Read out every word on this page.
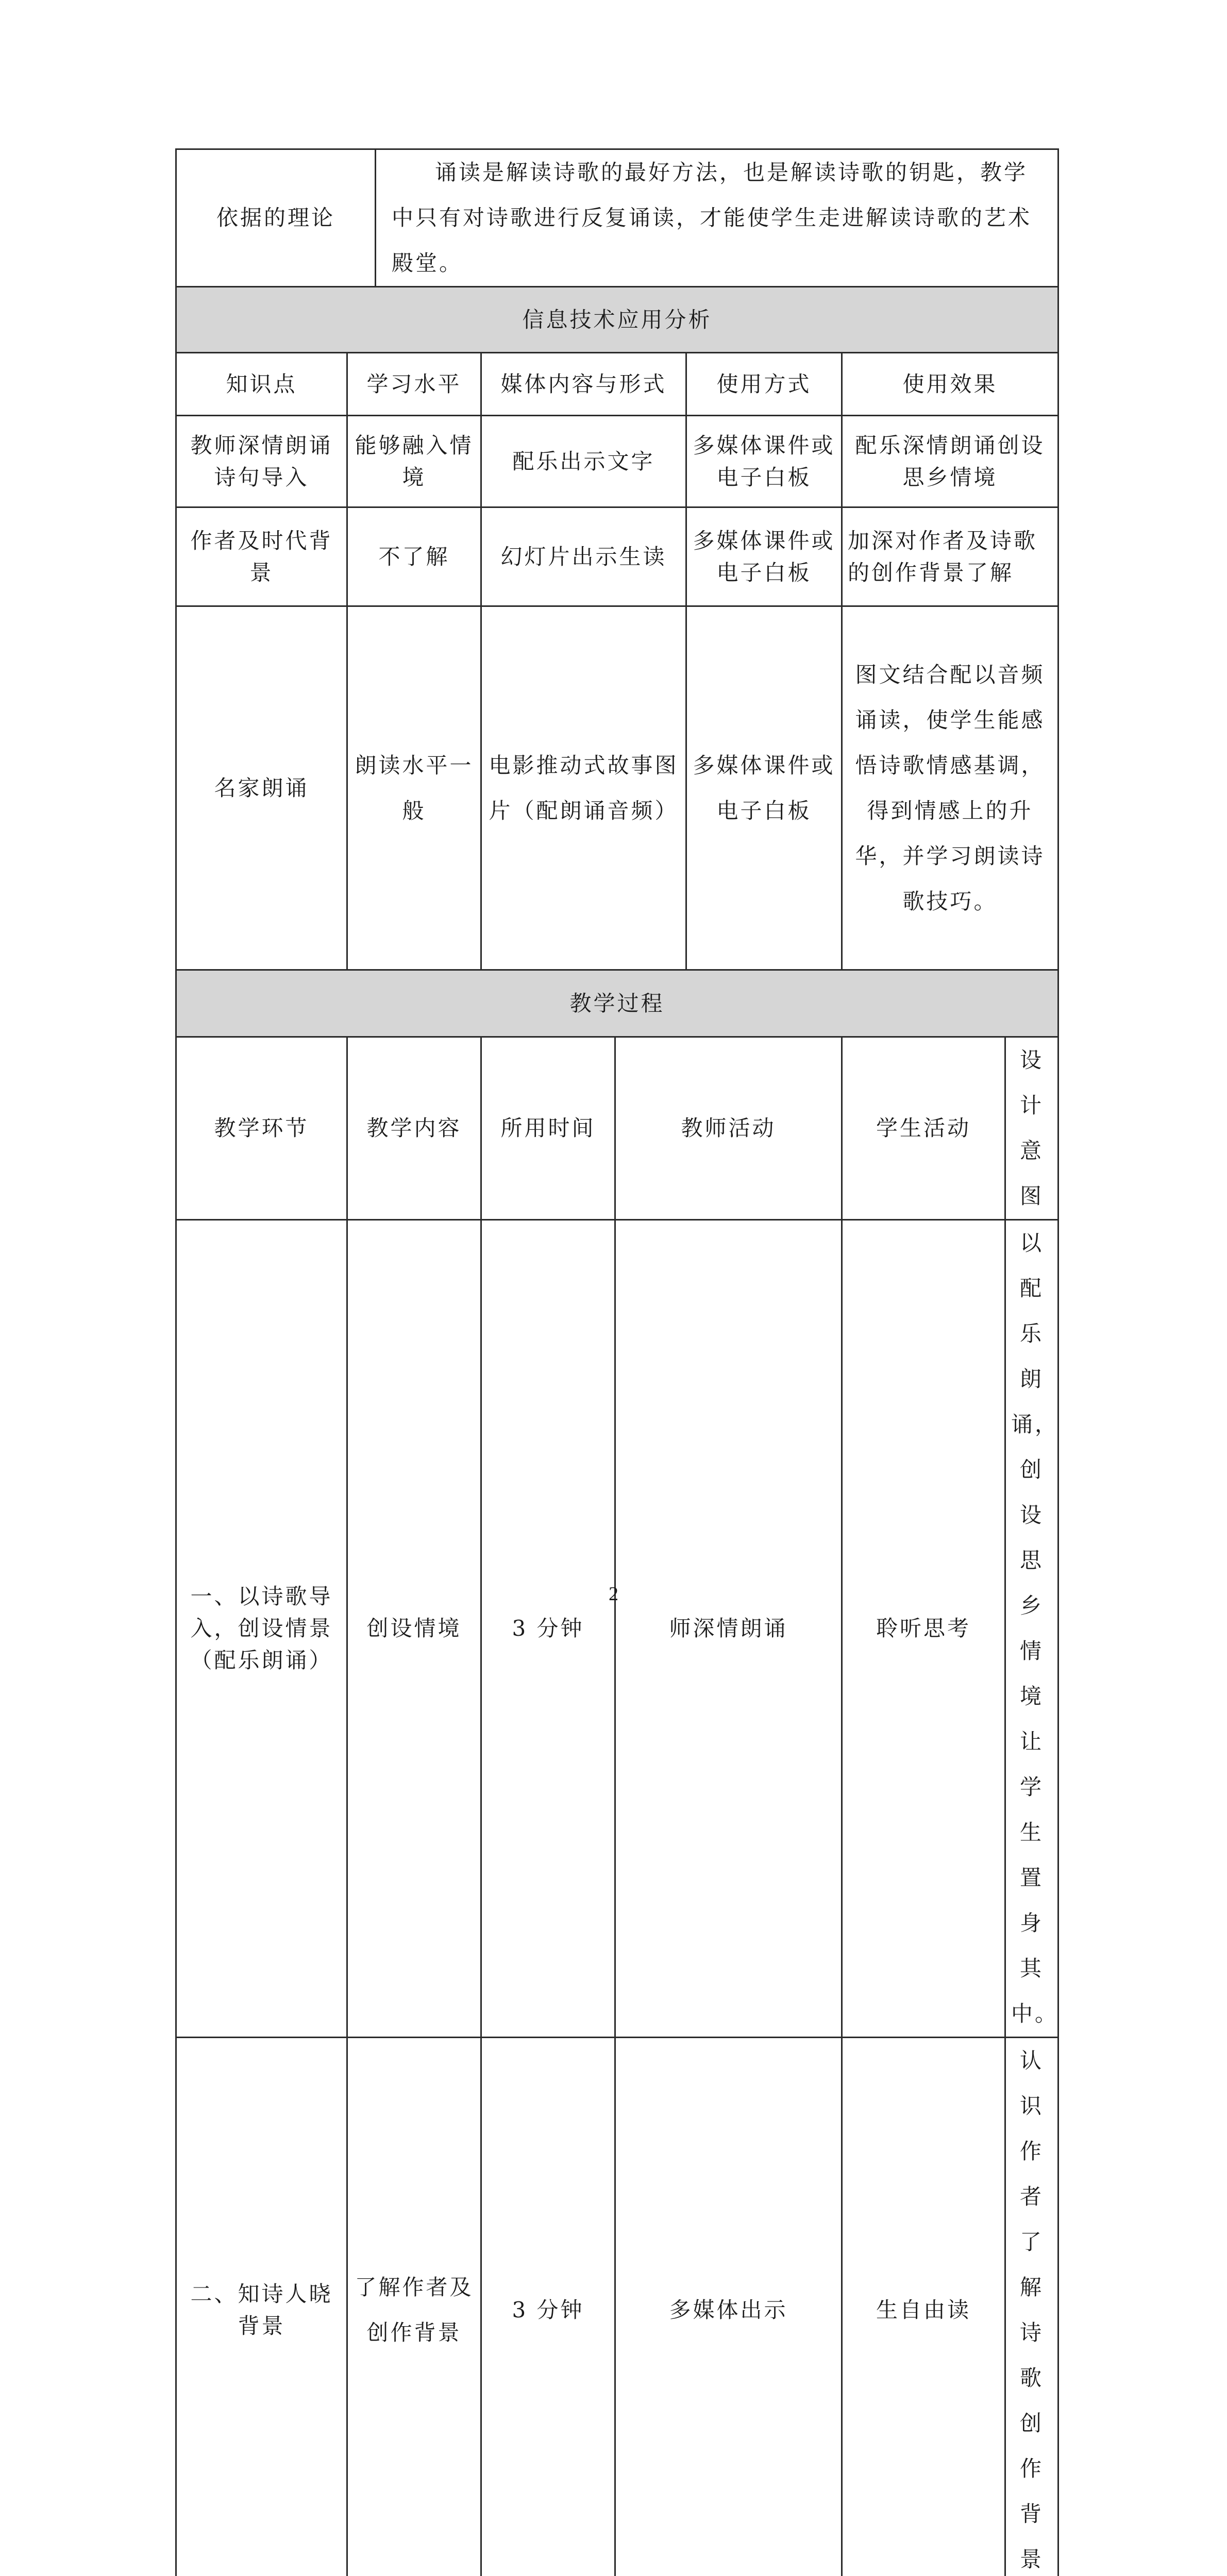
依据的理论		诵读是解读诗歌的最好方法，也是解读诗歌的钥匙，教学中只有对诗歌进行反复诵读，才能使学生走进解读诗歌的艺术殿堂。					
信息技术应用分析							
知识点	学习水平		媒体内容与形式		使用方式	使用效果	
教师深情朗诵诗句导入	能够融入情境		配乐出示文字		多媒体课件或电子白板	配乐深情朗诵创设思乡情境	
作者及时代背景	不了解		幻灯片出示生读		多媒体课件或电子白板	加深对作者及诗歌的创作背景了解	
名家朗诵	朗读水平一般		电影推动式故事图片（配朗诵音频）		多媒体课件或电子白板	图文结合配以音频诵读，使学生能感悟诗歌情感基调，得到情感上的升华，并学习朗读诗歌技巧。	
教学过程							
教学环节	教学内容		所用时间	教师活动		学生活动	设计意图
一、以诗歌导入，创设情景（配乐朗诵）	创设情境		3 分钟	师深情朗诵		聆听思考	以配乐朗诵，创设思乡情境让学生置身其中。
二、知诗人晓背景	了解作者及创作背景		3 分钟	多媒体出示		生自由读	认识作者了解诗歌创作背景

2
